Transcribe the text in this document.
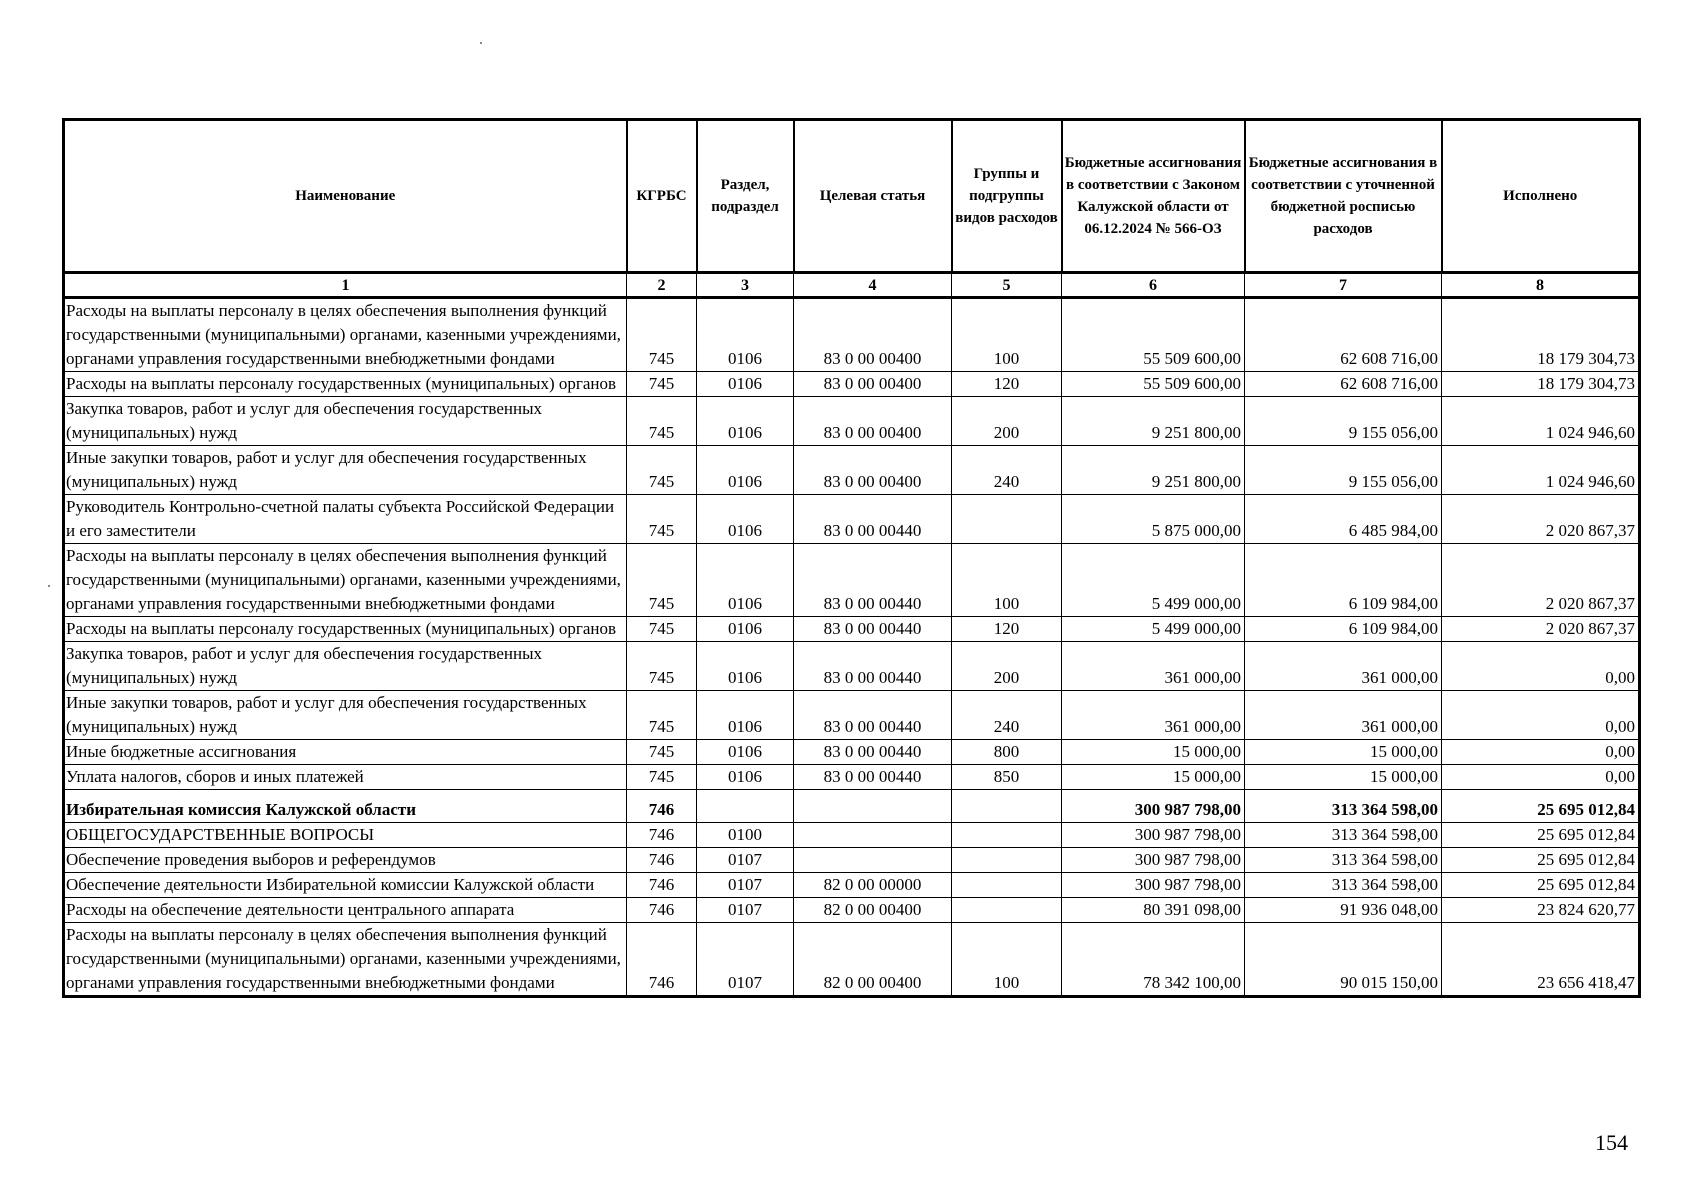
Наименование	КГРБС	Раздел, подраздел	Целевая статья	Группы и подгруппы видов расходов	Бюджетные ассигнования в соответствии с Законом Калужской области от 06.12.2024 № 566-ОЗ	Бюджетные ассигнования в соответствии с уточненной бюджетной росписью расходов	Исполнено
1	2	3	4	5	6	7	8
Расходы на выплаты персоналу в целях обеспечения выполнения функций государственными (муниципальными) органами, казенными учреждениями, органами управления государственными внебюджетными фондами	745	0106	83 0 00 00400	100	55 509 600,00	62 608 716,00	18 179 304,73
Расходы на выплаты персоналу государственных (муниципальных) органов	745	0106	83 0 00 00400	120	55 509 600,00	62 608 716,00	18 179 304,73
Закупка товаров, работ и услуг для обеспечения государственных (муниципальных) нужд	745	0106	83 0 00 00400	200	9 251 800,00	9 155 056,00	1 024 946,60
Иные закупки товаров, работ и услуг для обеспечения государственных (муниципальных) нужд	745	0106	83 0 00 00400	240	9 251 800,00	9 155 056,00	1 024 946,60
Руководитель Контрольно-счетной палаты субъекта Российской Федерации и его заместители	745	0106	83 0 00 00440		5 875 000,00	6 485 984,00	2 020 867,37
Расходы на выплаты персоналу в целях обеспечения выполнения функций государственными (муниципальными) органами, казенными учреждениями, органами управления государственными внебюджетными фондами	745	0106	83 0 00 00440	100	5 499 000,00	6 109 984,00	2 020 867,37
Расходы на выплаты персоналу государственных (муниципальных) органов	745	0106	83 0 00 00440	120	5 499 000,00	6 109 984,00	2 020 867,37
Закупка товаров, работ и услуг для обеспечения государственных (муниципальных) нужд	745	0106	83 0 00 00440	200	361 000,00	361 000,00	0,00
Иные закупки товаров, работ и услуг для обеспечения государственных (муниципальных) нужд	745	0106	83 0 00 00440	240	361 000,00	361 000,00	0,00
Иные бюджетные ассигнования	745	0106	83 0 00 00440	800	15 000,00	15 000,00	0,00
Уплата налогов, сборов и иных платежей	745	0106	83 0 00 00440	850	15 000,00	15 000,00	0,00
Избирательная комиссия Калужской области	746				300 987 798,00	313 364 598,00	25 695 012,84
ОБЩЕГОСУДАРСТВЕННЫЕ ВОПРОСЫ	746	0100			300 987 798,00	313 364 598,00	25 695 012,84
Обеспечение проведения выборов и референдумов	746	0107			300 987 798,00	313 364 598,00	25 695 012,84
Обеспечение деятельности Избирательной комиссии Калужской области	746	0107	82 0 00 00000		300 987 798,00	313 364 598,00	25 695 012,84
Расходы на обеспечение деятельности центрального аппарата	746	0107	82 0 00 00400		80 391 098,00	91 936 048,00	23 824 620,77
Расходы на выплаты персоналу в целях обеспечения выполнения функций государственными (муниципальными) органами, казенными учреждениями, органами управления государственными внебюджетными фондами	746	0107	82 0 00 00400	100	78 342 100,00	90 015 150,00	23 656 418,47
154
